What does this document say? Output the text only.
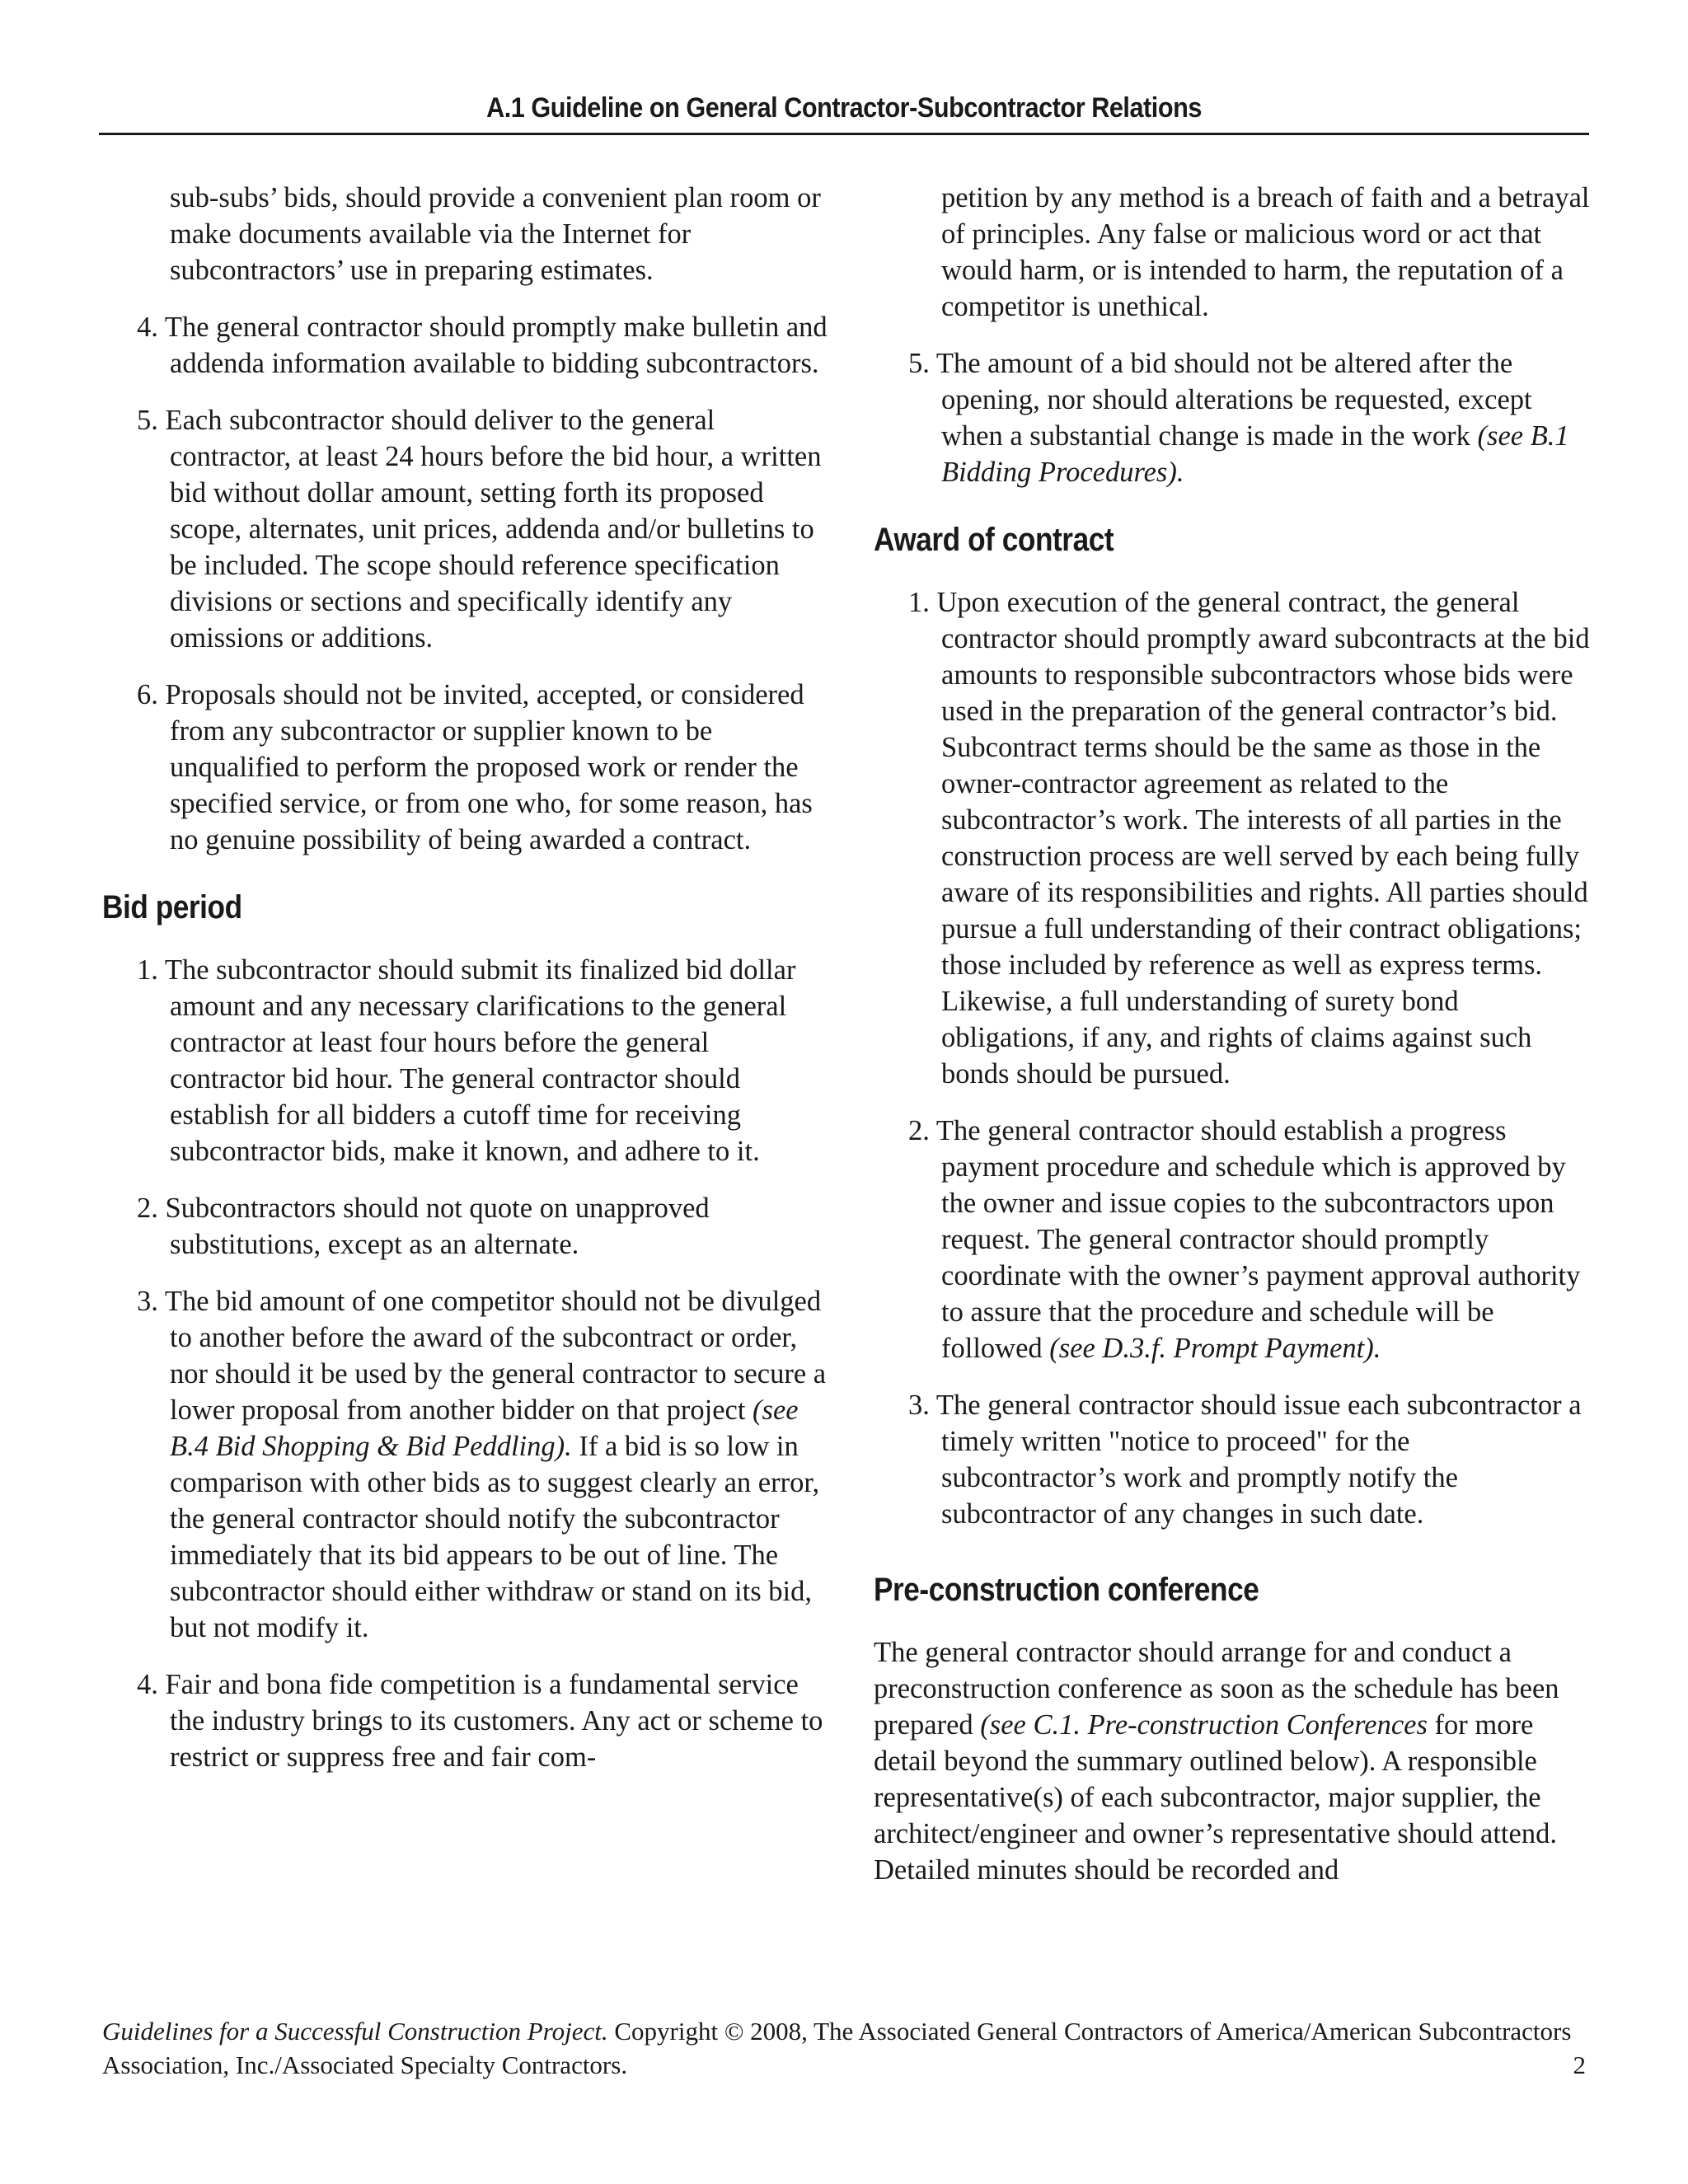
A.1 Guideline on General Contractor-Subcontractor Relations

sub-subs’ bids, should provide a convenient plan room or make documents available via the Internet for subcontractors’ use in preparing estimates.

4. The general contractor should promptly make bulletin and addenda information available to bidding subcontractors.

5. Each subcontractor should deliver to the general contractor, at least 24 hours before the bid hour, a written bid without dollar amount, setting forth its proposed scope, alternates, unit prices, addenda and/or bulletins to be included. The scope should reference specification divisions or sections and specifically identify any omissions or additions.

6. Proposals should not be invited, accepted, or considered from any subcontractor or supplier known to be unqualified to perform the proposed work or render the specified service, or from one who, for some reason, has no genuine possibility of being awarded a contract.

Bid period

1. The subcontractor should submit its finalized bid dollar amount and any necessary clarifications to the general contractor at least four hours before the general contractor bid hour. The general contractor should establish for all bidders a cutoff time for receiving subcontractor bids, make it known, and adhere to it.

2. Subcontractors should not quote on unapproved substitutions, except as an alternate.

3. The bid amount of one competitor should not be divulged to another before the award of the subcontract or order, nor should it be used by the general contractor to secure a lower proposal from another bidder on that project (see B.4 Bid Shopping & Bid Peddling). If a bid is so low in comparison with other bids as to suggest clearly an error, the general contractor should notify the subcontractor immediately that its bid appears to be out of line. The subcontractor should either withdraw or stand on its bid, but not modify it.

4. Fair and bona fide competition is a fundamental service the industry brings to its customers. Any act or scheme to restrict or suppress free and fair com-

petition by any method is a breach of faith and a betrayal of principles. Any false or malicious word or act that would harm, or is intended to harm, the reputation of a competitor is unethical.

5. The amount of a bid should not be altered after the opening, nor should alterations be requested, except when a substantial change is made in the work (see B.1 Bidding Procedures).

Award of contract

1. Upon execution of the general contract, the general contractor should promptly award subcontracts at the bid amounts to responsible subcontractors whose bids were used in the preparation of the general contractor’s bid. Subcontract terms should be the same as those in the owner-contractor agreement as related to the subcontractor’s work. The interests of all parties in the construction process are well served by each being fully aware of its responsibilities and rights. All parties should pursue a full understanding of their contract obligations; those included by reference as well as express terms. Likewise, a full understanding of surety bond obligations, if any, and rights of claims against such bonds should be pursued.

2. The general contractor should establish a progress payment procedure and schedule which is approved by the owner and issue copies to the subcontractors upon request. The general contractor should promptly coordinate with the owner’s payment approval authority to assure that the procedure and schedule will be followed (see D.3.f. Prompt Payment).

3. The general contractor should issue each subcontractor a timely written "notice to proceed" for the subcontractor’s work and promptly notify the subcontractor of any changes in such date.

Pre-construction conference

The general contractor should arrange for and conduct a preconstruction conference as soon as the schedule has been prepared (see C.1. Pre-construction Conferences for more detail beyond the summary outlined below). A responsible representative(s) of each subcontractor, major supplier, the architect/engineer and owner’s representative should attend. Detailed minutes should be recorded and

Guidelines for a Successful Construction Project. Copyright © 2008, The Associated General Contractors of America/American Subcontractors Association, Inc./Associated Specialty Contractors.	2
